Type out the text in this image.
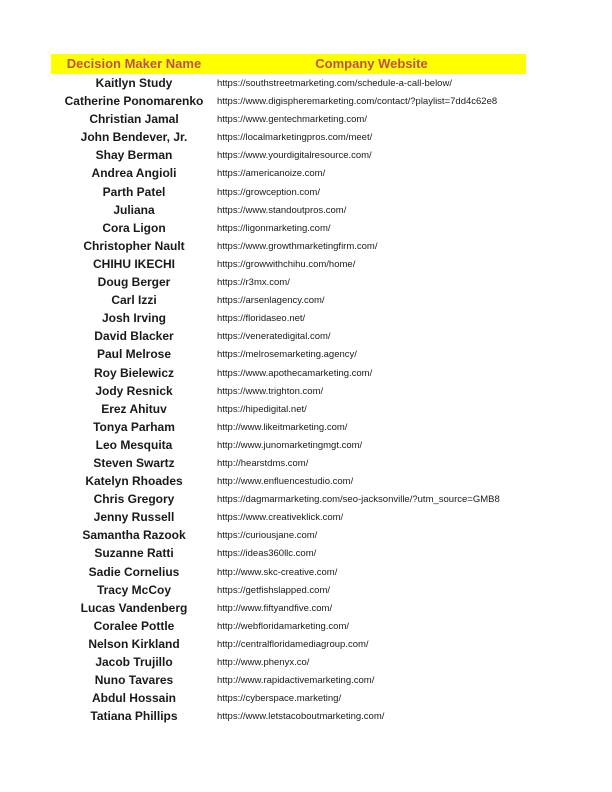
Decision Maker Name	Company Website
Kaitlyn Study	https://southstreetmarketing.com/schedule-a-call-below/
Catherine Ponomarenko	https://www.digispheremarketing.com/contact/?playlist=7dd4c62e8
Christian Jamal	https://www.gentechmarketing.com/
John Bendever, Jr.	https://localmarketingpros.com/meet/
Shay Berman	https://www.yourdigitalresource.com/
Andrea Angioli	https://americanoize.com/
Parth Patel	https://growception.com/
Juliana	https://www.standoutpros.com/
Cora Ligon	https://ligonmarketing.com/
Christopher Nault	https://www.growthmarketingfirm.com/
CHIHU IKECHI	https://growwithchihu.com/home/
Doug Berger	https://r3mx.com/
Carl Izzi	https://arsenlagency.com/
Josh Irving	https://floridaseo.net/
David Blacker	https://veneratedigital.com/
Paul Melrose	https://melrosemarketing.agency/
Roy Bielewicz	https://www.apothecamarketing.com/
Jody Resnick	https://www.trighton.com/
Erez Ahituv	https://hipedigital.net/
Tonya Parham	http://www.likeitmarketing.com/
Leo Mesquita	http://www.junomarketingmgt.com/
Steven Swartz	http://hearstdms.com/
Katelyn Rhoades	http://www.enfluencestudio.com/
Chris Gregory	https://dagmarmarketing.com/seo-jacksonville/?utm_source=GMB8
Jenny Russell	https://www.creativeklick.com/
Samantha Razook	https://curiousjane.com/
Suzanne Ratti	https://ideas360llc.com/
Sadie Cornelius	http://www.skc-creative.com/
Tracy McCoy	https://getfishslapped.com/
Lucas Vandenberg	http://www.fiftyandfive.com/
Coralee Pottle	http://webfloridamarketing.com/
Nelson Kirkland	http://centralfloridamediagroup.com/
Jacob Trujillo	http://www.phenyx.co/
Nuno Tavares	http://www.rapidactivemarketing.com/
Abdul Hossain	https://cyberspace.marketing/
Tatiana Phillips	https://www.letstacoboutmarketing.com/
